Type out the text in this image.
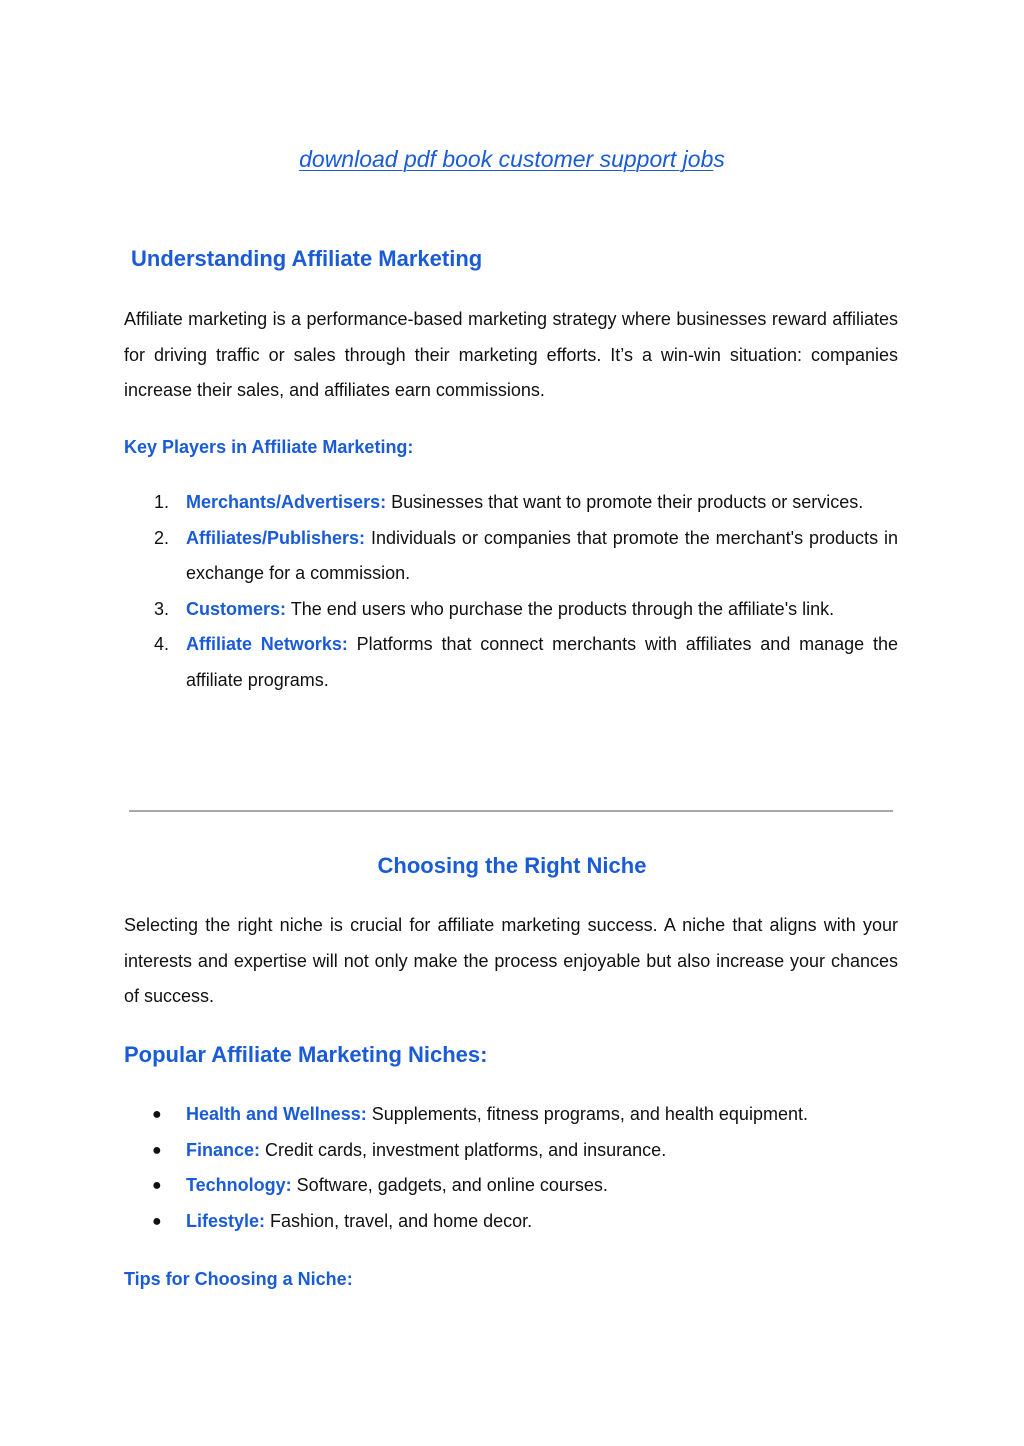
download pdf book customer support jobs
Understanding Affiliate Marketing

Affiliate marketing is a performance-based marketing strategy where businesses reward affiliates for driving traffic or sales through their marketing efforts. It’s a win-win situation: companies increase their sales, and affiliates earn commissions.

Key Players in Affiliate Marketing:
1. Merchants/Advertisers: Businesses that want to promote their products or services.
2. Affiliates/Publishers: Individuals or companies that promote the merchant's products in exchange for a commission.
3. Customers: The end users who purchase the products through the affiliate's link.
4. Affiliate Networks: Platforms that connect merchants with affiliates and manage the affiliate programs.
Choosing the Right Niche

Selecting the right niche is crucial for affiliate marketing success. A niche that aligns with your interests and expertise will not only make the process enjoyable but also increase your chances of success.

Popular Affiliate Marketing Niches:
● Health and Wellness: Supplements, fitness programs, and health equipment.
● Finance: Credit cards, investment platforms, and insurance.
● Technology: Software, gadgets, and online courses.
● Lifestyle: Fashion, travel, and home decor.
Tips for Choosing a Niche:
